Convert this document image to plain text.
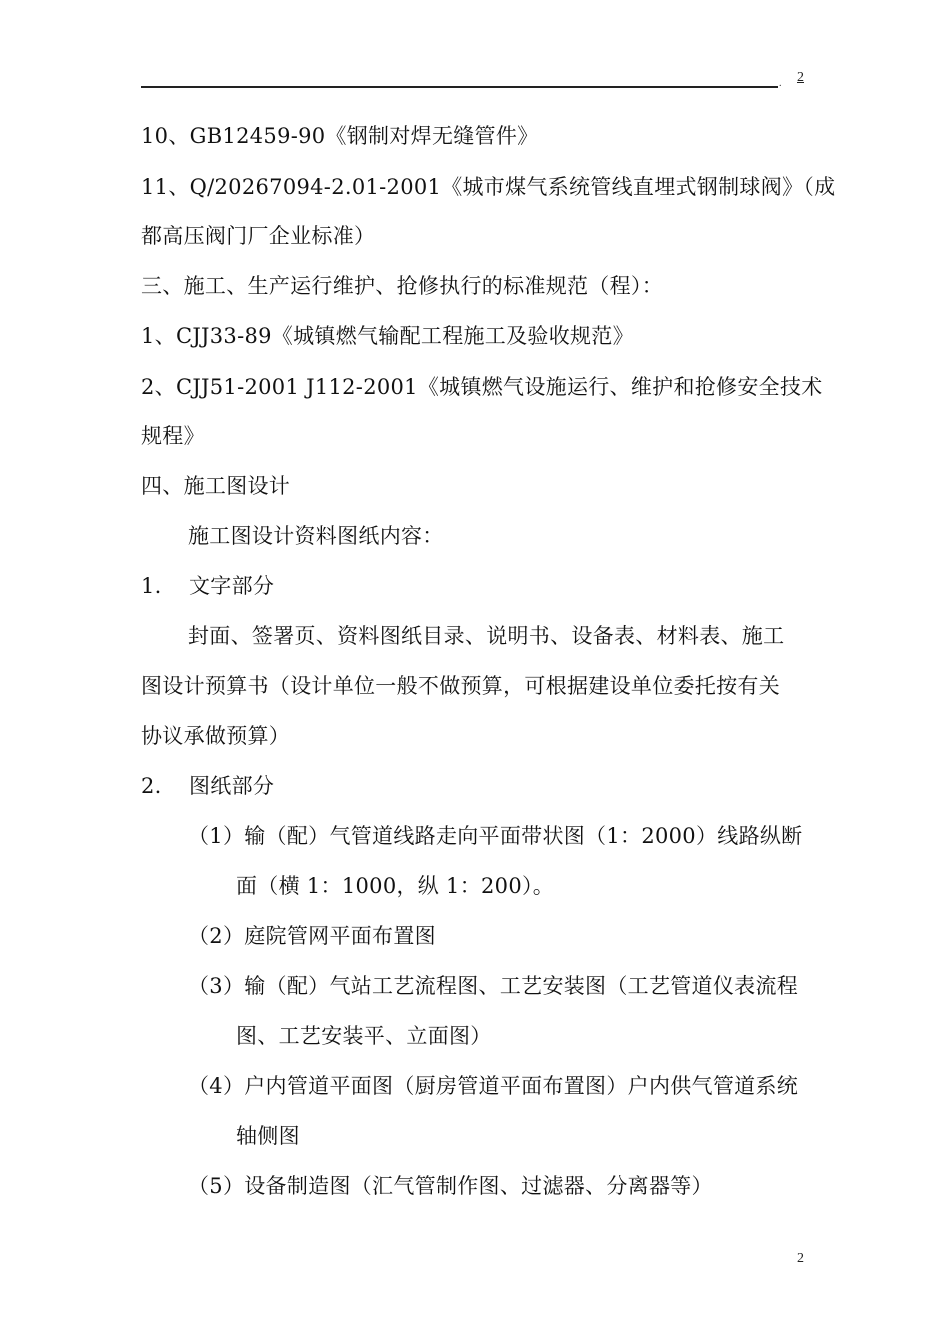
. 2
10、GB12459-90《钢制对焊无缝管件》
11、Q/20267094-2.01-2001《城市煤气系统管线直埋式钢制球阀》（成
都高压阀门厂企业标准）
三、施工、生产运行维护、抢修执行的标准规范（程）：
1、CJJ33-89《城镇燃气输配工程施工及验收规范》
2、CJJ51-2001 J112-2001《城镇燃气设施运行、维护和抢修安全技术
规程》
四、施工图设计
施工图设计资料图纸内容：
1. 文字部分
封面、签署页、资料图纸目录、说明书、设备表、材料表、施工
图设计预算书（设计单位一般不做预算，可根据建设单位委托按有关
协议承做预算）
2. 图纸部分
（1）输（配）气管道线路走向平面带状图（1：2000）线路纵断
面（横 1：1000，纵 1：200）。
（2）庭院管网平面布置图
（3）输（配）气站工艺流程图、工艺安装图（工艺管道仪表流程
图、工艺安装平、立面图）
（4）户内管道平面图（厨房管道平面布置图）户内供气管道系统
轴侧图
（5）设备制造图（汇气管制作图、过滤器、分离器等）
2
